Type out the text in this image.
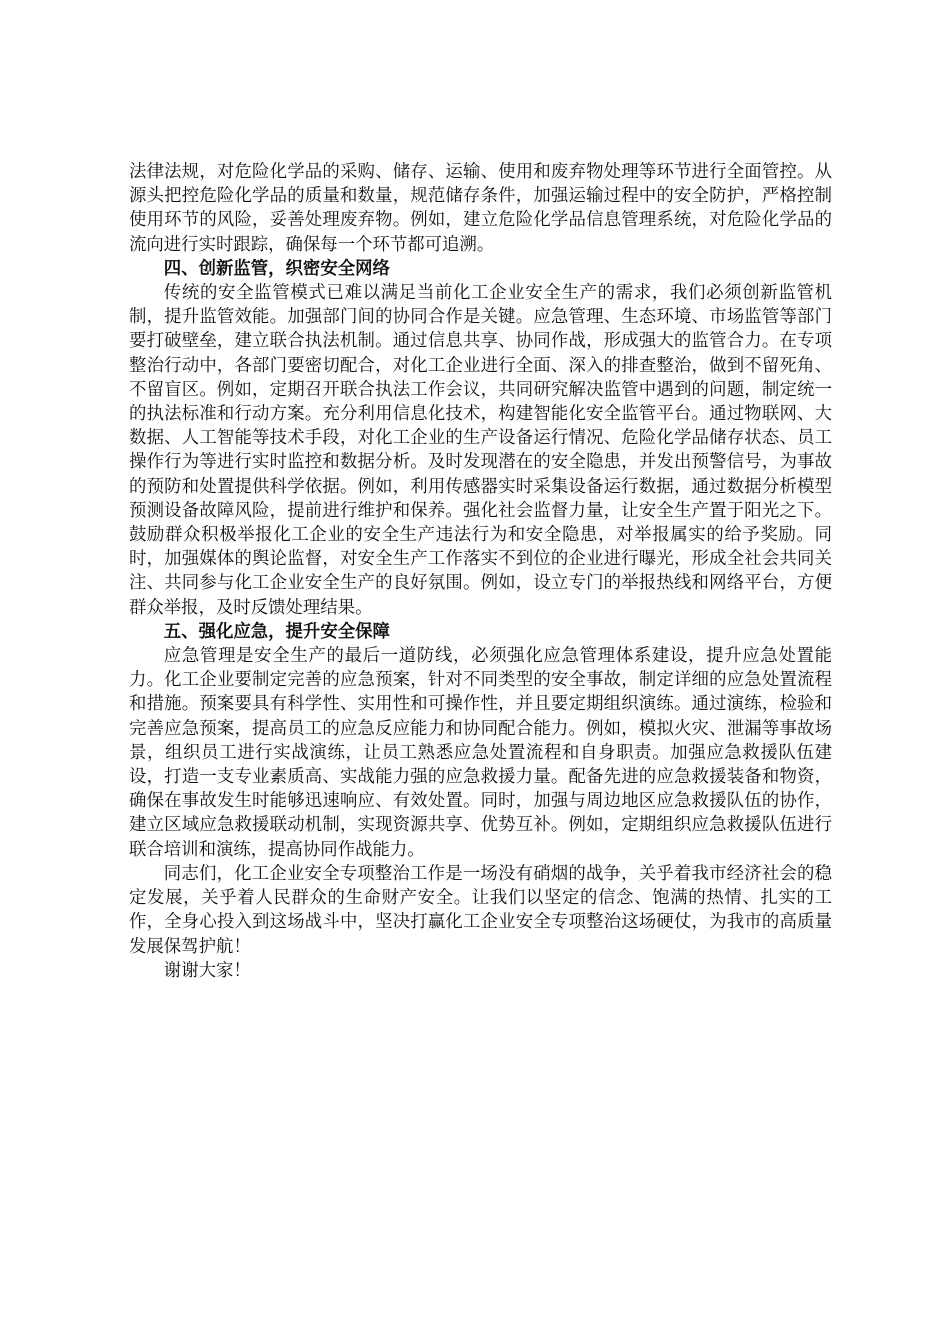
法律法规，对危险化学品的采购、储存、运输、使用和废弃物处理等环节进行全面管控。从源头把控危险化学品的质量和数量，规范储存条件，加强运输过程中的安全防护，严格控制使用环节的风险，妥善处理废弃物。例如，建立危险化学品信息管理系统，对危险化学品的流向进行实时跟踪，确保每一个环节都可追溯。

四、创新监管，织密安全网络

传统的安全监管模式已难以满足当前化工企业安全生产的需求，我们必须创新监管机制，提升监管效能。加强部门间的协同合作是关键。应急管理、生态环境、市场监管等部门要打破壁垒，建立联合执法机制。通过信息共享、协同作战，形成强大的监管合力。在专项整治行动中，各部门要密切配合，对化工企业进行全面、深入的排查整治，做到不留死角、不留盲区。例如，定期召开联合执法工作会议，共同研究解决监管中遇到的问题，制定统一的执法标准和行动方案。充分利用信息化技术，构建智能化安全监管平台。通过物联网、大数据、人工智能等技术手段，对化工企业的生产设备运行情况、危险化学品储存状态、员工操作行为等进行实时监控和数据分析。及时发现潜在的安全隐患，并发出预警信号，为事故的预防和处置提供科学依据。例如，利用传感器实时采集设备运行数据，通过数据分析模型预测设备故障风险，提前进行维护和保养。强化社会监督力量，让安全生产置于阳光之下。鼓励群众积极举报化工企业的安全生产违法行为和安全隐患，对举报属实的给予奖励。同时，加强媒体的舆论监督，对安全生产工作落实不到位的企业进行曝光，形成全社会共同关注、共同参与化工企业安全生产的良好氛围。例如，设立专门的举报热线和网络平台，方便群众举报，及时反馈处理结果。

五、强化应急，提升安全保障

应急管理是安全生产的最后一道防线，必须强化应急管理体系建设，提升应急处置能力。化工企业要制定完善的应急预案，针对不同类型的安全事故，制定详细的应急处置流程和措施。预案要具有科学性、实用性和可操作性，并且要定期组织演练。通过演练，检验和完善应急预案，提高员工的应急反应能力和协同配合能力。例如，模拟火灾、泄漏等事故场景，组织员工进行实战演练，让员工熟悉应急处置流程和自身职责。加强应急救援队伍建设，打造一支专业素质高、实战能力强的应急救援力量。配备先进的应急救援装备和物资，确保在事故发生时能够迅速响应、有效处置。同时，加强与周边地区应急救援队伍的协作，建立区域应急救援联动机制，实现资源共享、优势互补。例如，定期组织应急救援队伍进行联合培训和演练，提高协同作战能力。

同志们，化工企业安全专项整治工作是一场没有硝烟的战争，关乎着我市经济社会的稳定发展，关乎着人民群众的生命财产安全。让我们以坚定的信念、饱满的热情、扎实的工作，全身心投入到这场战斗中，坚决打赢化工企业安全专项整治这场硬仗，为我市的高质量发展保驾护航！

谢谢大家！
